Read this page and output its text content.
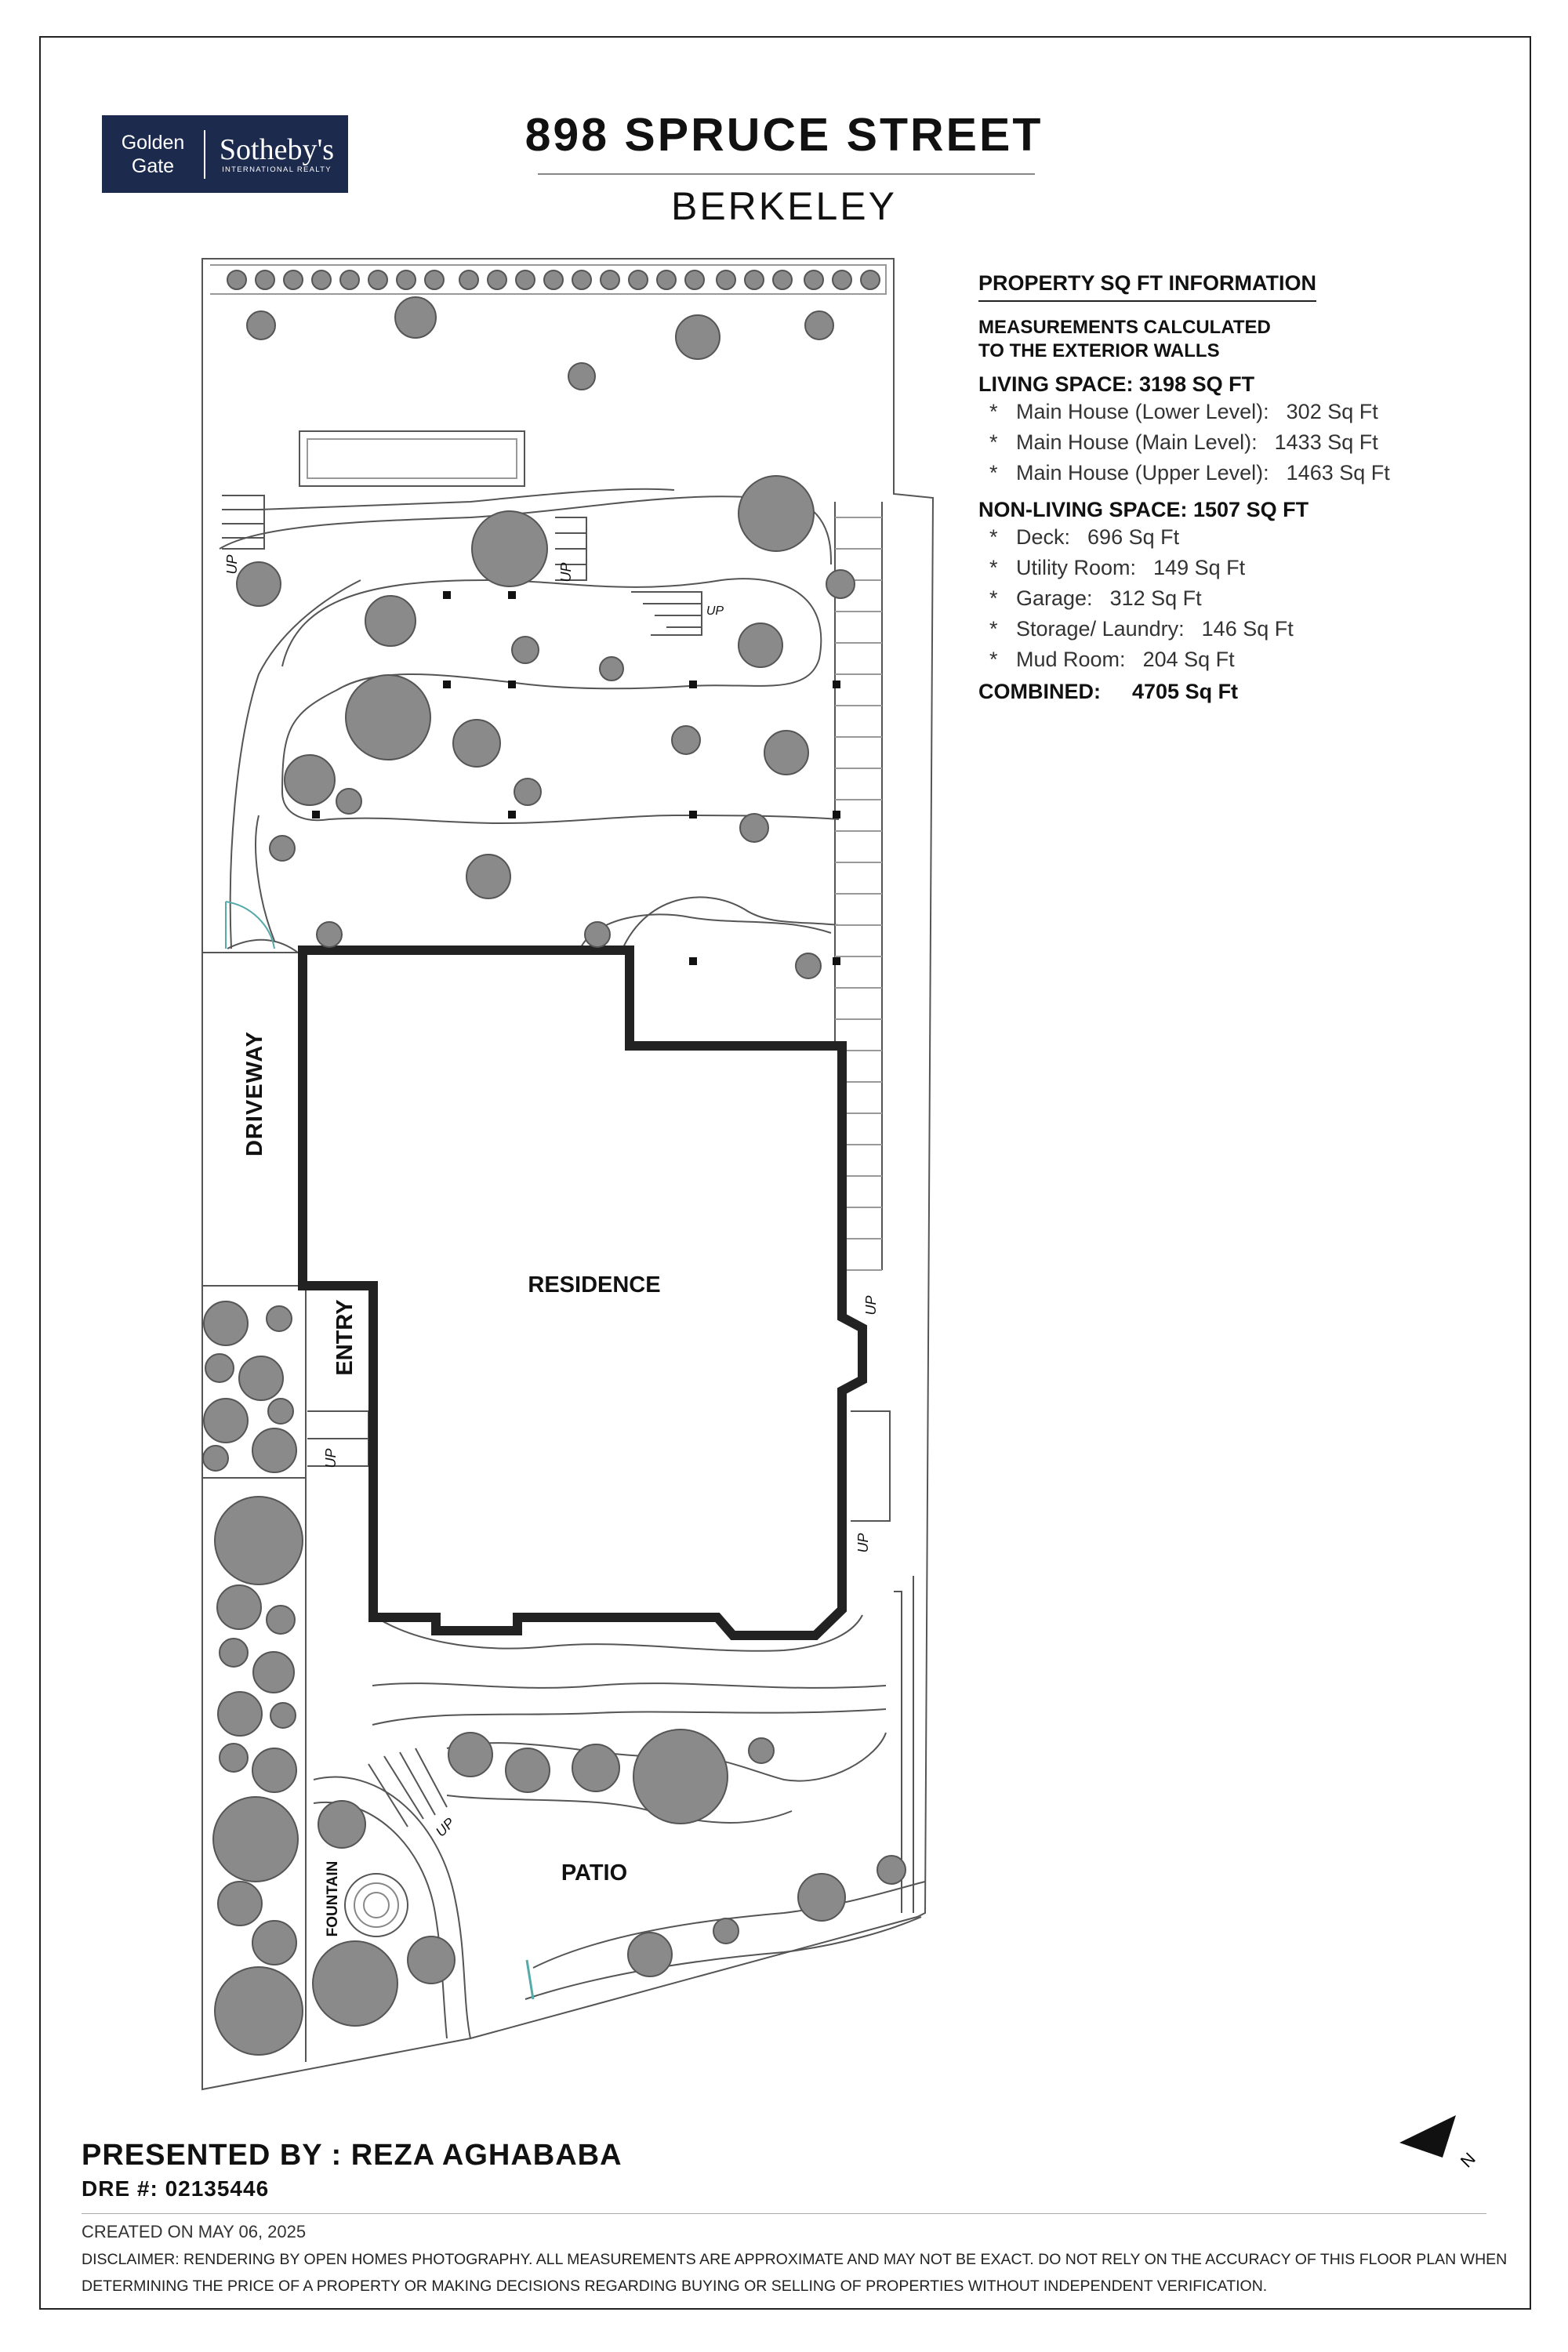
Golden
Gate	Sotheby's
INTERNATIONAL REALTY
898 SPRUCE STREET
BERKELEY
PROPERTY SQ FT INFORMATION
MEASUREMENTS CALCULATED
TO THE EXTERIOR WALLS
LIVING SPACE: 3198 SQ FT
* Main House (Lower Level): 302 Sq Ft
* Main House (Main Level): 1433 Sq Ft
* Main House (Upper Level): 1463 Sq Ft
NON-LIVING SPACE: 1507 SQ FT
* Deck: 696 Sq Ft
* Utility Room: 149 Sq Ft
* Garage: 312 Sq Ft
* Storage/ Laundry: 146 Sq Ft
* Mud Room: 204 Sq Ft
COMBINED: 4705 Sq Ft
RESIDENCE
PATIO
DRIVEWAY
ENTRY
FOUNTAIN
UP	UP
UP
UP
UP
UP
UP
N
PRESENTED BY : REZA AGHABABA
DRE #: 02135446
CREATED ON MAY 06, 2025
DISCLAIMER: RENDERING BY OPEN HOMES PHOTOGRAPHY. ALL MEASUREMENTS ARE APPROXIMATE AND MAY NOT BE EXACT. DO NOT RELY ON THE ACCURACY OF THIS FLOOR PLAN WHEN DETERMINING THE PRICE OF A PROPERTY OR MAKING DECISIONS REGARDING BUYING OR SELLING OF PROPERTIES WITHOUT INDEPENDENT VERIFICATION.
